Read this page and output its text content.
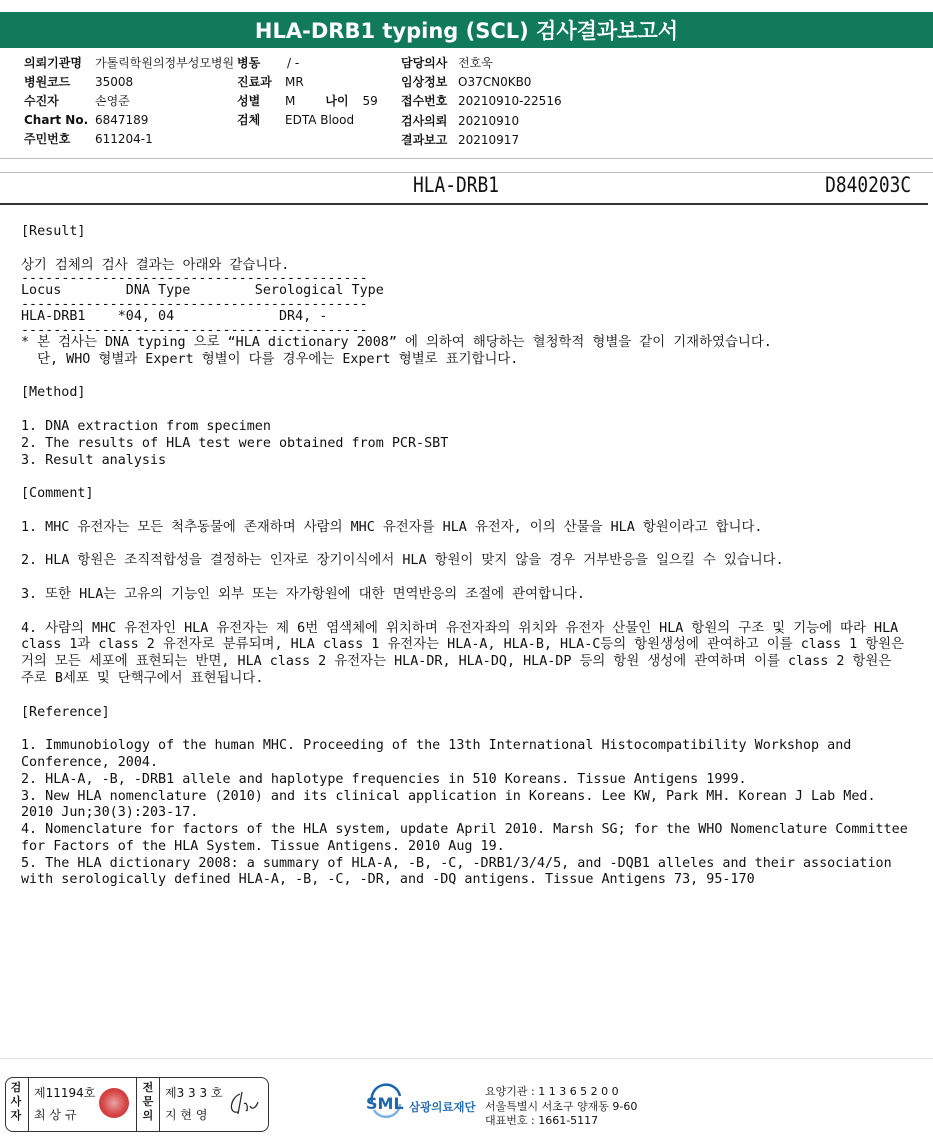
HLA-DRB1 typing (SCL) 검사결과보고서
의뢰기관명	가톨릭학원의정부성모병원
병원코드	35008
수진자	손영준
Chart No. 6847189
주민번호	611204-1
병동	/ -
진료과	MR
성별	M	나이 59
검체	EDTA Blood
담당의사 전호욱
임상정보 O37CN0KB0
접수번호 20210910-22516
검사의뢰 20210910
결과보고 20210917
HLA-DRB1	D840203C
[Result]
상기 검체의 검사 결과는 아래와 같습니다.
-------------------------------------------
Locus        DNA Type        Serological Type
-------------------------------------------
HLA-DRB1    *04, 04             DR4, -
-------------------------------------------
* 본 검사는 DNA typing 으로 “HLA dictionary 2008” 에 의하여 해당하는 혈청학적 형별을 같이 기재하였습니다.
단, WHO 형별과 Expert 형별이 다를 경우에는 Expert 형별로 표기합니다.
[Method]
1. DNA extraction from specimen
2. The results of HLA test were obtained from PCR-SBT
3. Result analysis
[Comment]
1. MHC 유전자는 모든 척추동물에 존재하며 사람의 MHC 유전자를 HLA 유전자, 이의 산물을 HLA 항원이라고 합니다.
2. HLA 항원은 조직적합성을 결정하는 인자로 장기이식에서 HLA 항원이 맞지 않을 경우 거부반응을 일으킬 수 있습니다.
3. 또한 HLA는 고유의 기능인 외부 또는 자가항원에 대한 면역반응의 조절에 관여합니다.
4. 사람의 MHC 유전자인 HLA 유전자는 제 6번 염색체에 위치하며 유전자좌의 위치와 유전자 산물인 HLA 항원의 구조 및 기능에 따라 HLA class 1과 class 2 유전자로 분류되며, HLA class 1 유전자는 HLA-A, HLA-B, HLA-C등의 항원생성에 관여하고 이를 class 1 항원은 거의 모든 세포에 표현되는 반면, HLA class 2 유전자는 HLA-DR, HLA-DQ, HLA-DP 등의 항원 생성에 관여하며 이를 class 2 항원은 주로 B세포 및 단핵구에서 표현됩니다.
[Reference]
1. Immunobiology of the human MHC. Proceeding of the 13th International Histocompatibility Workshop and Conference, 2004.
2. HLA-A, -B, -DRB1 allele and haplotype frequencies in 510 Koreans. Tissue Antigens 1999.
3. New HLA nomenclature (2010) and its clinical application in Koreans. Lee KW, Park MH. Korean J Lab Med. 2010 Jun;30(3):203-17.
4. Nomenclature for factors of the HLA system, update April 2010. Marsh SG; for the WHO Nomenclature Committee for Factors of the HLA System. Tissue Antigens. 2010 Aug 19.
5. The HLA dictionary 2008: a summary of HLA-A, -B, -C, -DRB1/3/4/5, and -DQB1 alleles and their association with serologically defined HLA-A, -B, -C, -DR, and -DQ antigens. Tissue Antigens 73, 95-170
검사자
제11194호
최 상 규
전문의
제3 3 3 호
지 현 영
SML 삼광의료재단
요양기관 : 1 1 3 6 5 2 0 0
서울특별시 서초구 양재동 9-60
대표번호 : 1661-5117
